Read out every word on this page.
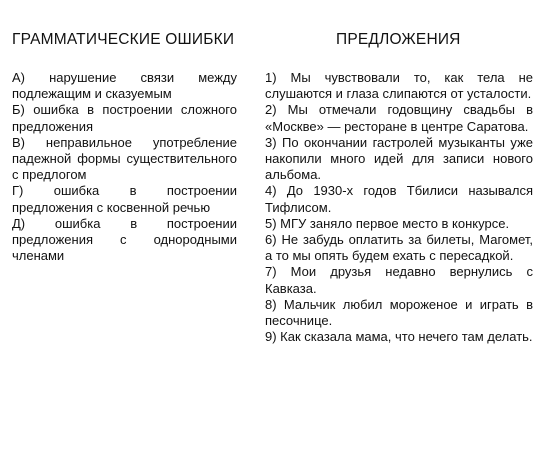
ГРАММАТИЧЕСКИЕ ОШИБКИ
А) нарушение связи между подлежащим и сказуемым
Б) ошибка в построении сложного предложения
В) неправильное употребление падежной формы существительного с предлогом
Г) ошибка в построении предложения с косвенной речью
Д) ошибка в построении предложения с однородными членами
ПРЕДЛОЖЕНИЯ
1) Мы чувствовали то, как тела не слушаются и глаза слипаются от усталости.
2) Мы отмечали годовщину свадьбы в «Москве» — ресторане в центре Саратова.
3) По окончании гастролей музыканты уже накопили много идей для записи нового альбома.
4) До 1930-х годов Тбилиси назывался Тифлисом.
5) МГУ заняло первое место в конкурсе.
6) Не забудь оплатить за билеты, Магомет, а то мы опять будем ехать с пересадкой.
7) Мои друзья недавно вернулись с Кавказа.
8) Мальчик любил мороженое и играть в песочнице.
9) Как сказала мама, что нечего там делать.
